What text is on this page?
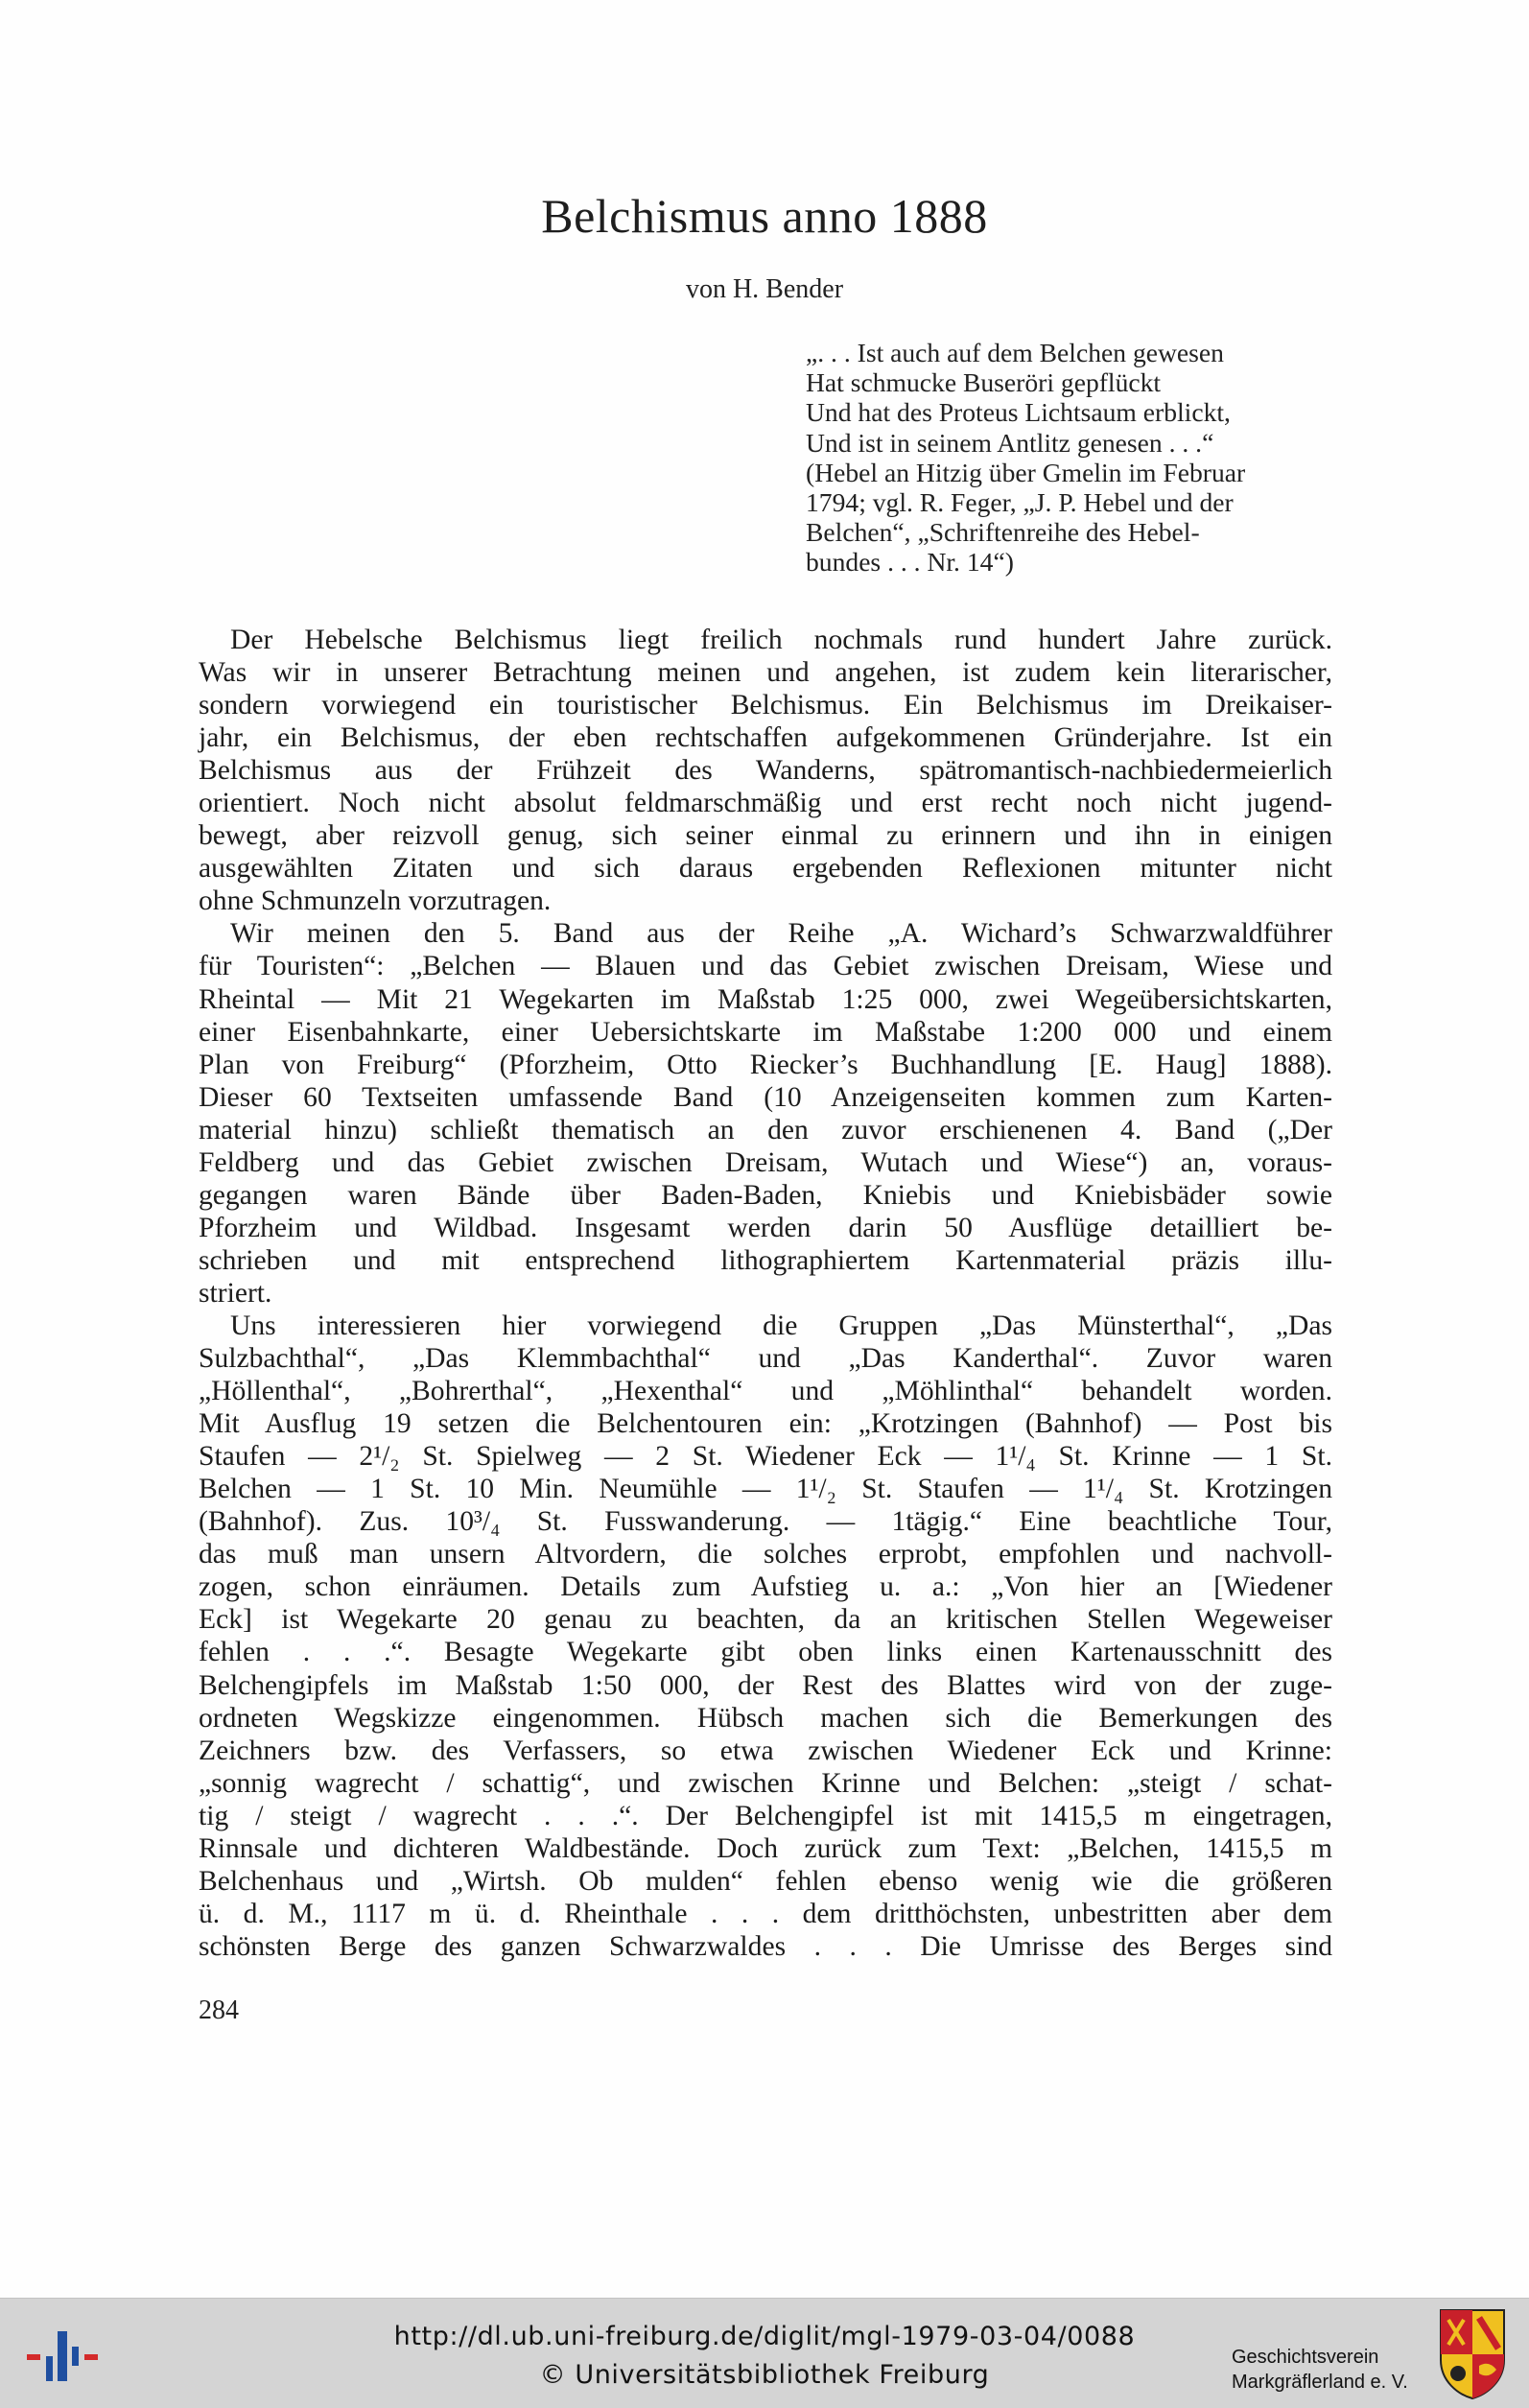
Belchismus anno 1888
von H. Bender
„. . . Ist auch auf dem Belchen gewesen
Hat schmucke Buseröri gepflückt
Und hat des Proteus Lichtsaum erblickt,
Und ist in seinem Antlitz genesen . . .“
(Hebel an Hitzig über Gmelin im Februar
1794; vgl. R. Feger, „J. P. Hebel und der
Belchen“, „Schriftenreihe des Hebel-
bundes . . . Nr. 14“)
Der Hebelsche Belchismus liegt freilich nochmals rund hundert Jahre zurück.
Was wir in unserer Betrachtung meinen und angehen, ist zudem kein literarischer,
sondern vorwiegend ein touristischer Belchismus. Ein Belchismus im Dreikaiser-
jahr, ein Belchismus, der eben rechtschaffen aufgekommenen Gründerjahre. Ist ein
Belchismus aus der Frühzeit des Wanderns, spätromantisch-nachbiedermeierlich
orientiert. Noch nicht absolut feldmarschmäßig und erst recht noch nicht jugend-
bewegt, aber reizvoll genug, sich seiner einmal zu erinnern und ihn in einigen
ausgewählten Zitaten und sich daraus ergebenden Reflexionen mitunter nicht
ohne Schmunzeln vorzutragen.
Wir meinen den 5. Band aus der Reihe „A. Wichard’s Schwarzwaldführer
für Touristen“: „Belchen — Blauen und das Gebiet zwischen Dreisam, Wiese und
Rheintal — Mit 21 Wegekarten im Maßstab 1:25 000, zwei Wegeübersichtskarten,
einer Eisenbahnkarte, einer Uebersichtskarte im Maßstabe 1:200 000 und einem
Plan von Freiburg“ (Pforzheim, Otto Riecker’s Buchhandlung [E. Haug] 1888).
Dieser 60 Textseiten umfassende Band (10 Anzeigenseiten kommen zum Karten-
material hinzu) schließt thematisch an den zuvor erschienenen 4. Band („Der
Feldberg und das Gebiet zwischen Dreisam, Wutach und Wiese“) an, voraus-
gegangen waren Bände über Baden-Baden, Kniebis und Kniebisbäder sowie
Pforzheim und Wildbad. Insgesamt werden darin 50 Ausflüge detailliert be-
schrieben und mit entsprechend lithographiertem Kartenmaterial präzis illu-
striert.
Uns interessieren hier vorwiegend die Gruppen „Das Münsterthal“, „Das
Sulzbachthal“, „Das Klemmbachthal“ und „Das Kanderthal“. Zuvor waren
„Höllenthal“, „Bohrerthal“, „Hexenthal“ und „Möhlinthal“ behandelt worden.
Mit Ausflug 19 setzen die Belchentouren ein: „Krotzingen (Bahnhof) — Post bis
Staufen — 2¹/₂ St. Spielweg — 2 St. Wiedener Eck — 1¹/₄ St. Krinne — 1 St.
Belchen — 1 St. 10 Min. Neumühle — 1¹/₂ St. Staufen — 1¹/₄ St. Krotzingen
(Bahnhof). Zus. 10³/₄ St. Fusswanderung. — 1tägig.“ Eine beachtliche Tour,
das muß man unsern Altvordern, die solches erprobt, empfohlen und nachvoll-
zogen, schon einräumen. Details zum Aufstieg u. a.: „Von hier an [Wiedener
Eck] ist Wegekarte 20 genau zu beachten, da an kritischen Stellen Wegeweiser
fehlen . . .“. Besagte Wegekarte gibt oben links einen Kartenausschnitt des
Belchengipfels im Maßstab 1:50 000, der Rest des Blattes wird von der zuge-
ordneten Wegskizze eingenommen. Hübsch machen sich die Bemerkungen des
Zeichners bzw. des Verfassers, so etwa zwischen Wiedener Eck und Krinne:
„sonnig wagrecht / schattig“, und zwischen Krinne und Belchen: „steigt / schat-
tig / steigt / wagrecht . . .“. Der Belchengipfel ist mit 1415,5 m eingetragen,
Rinnsale und dichteren Waldbestände. Doch zurück zum Text: „Belchen, 1415,5 m
Belchenhaus und „Wirtsh. Ob mulden“ fehlen ebenso wenig wie die größeren
ü. d. M., 1117 m ü. d. Rheinthale . . . dem dritthöchsten, unbestritten aber dem
schönsten Berge des ganzen Schwarzwaldes . . . Die Umrisse des Berges sind
284
http://dl.ub.uni-freiburg.de/diglit/mgl-1979-03-04/0088
© Universitätsbibliothek Freiburg
Geschichtsverein
Markgräflerland e. V.
